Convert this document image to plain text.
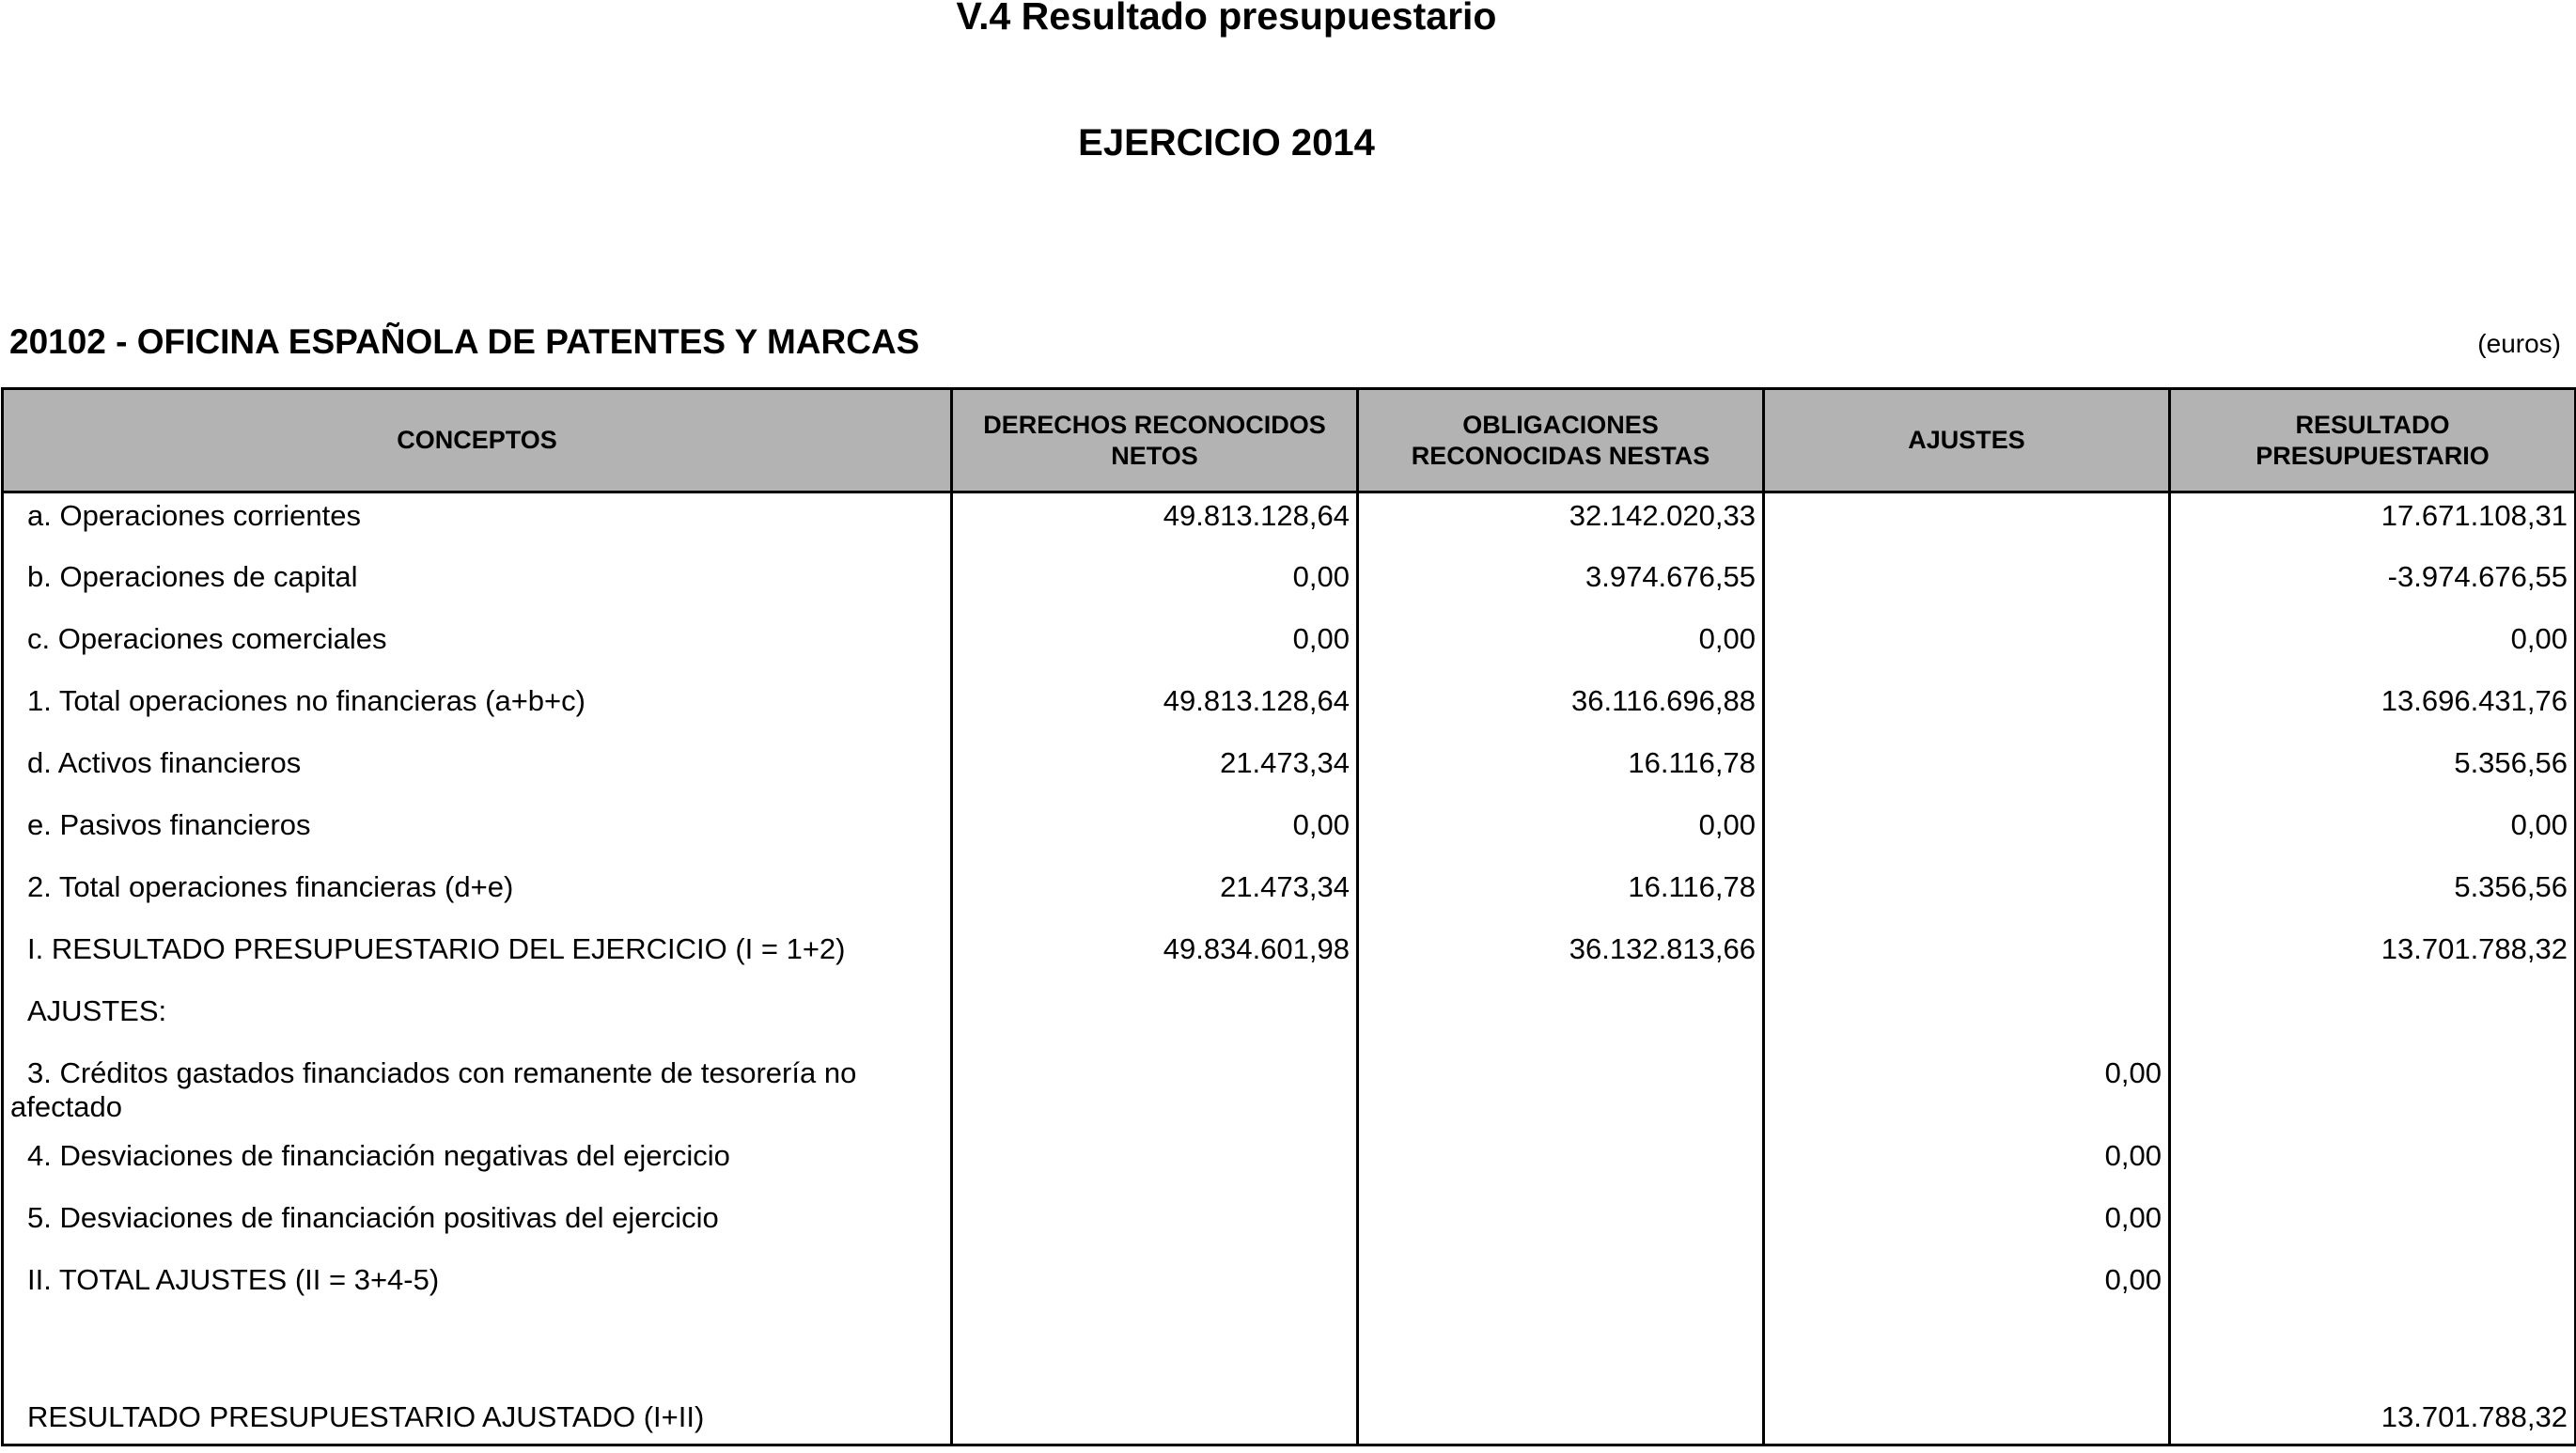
V.4 Resultado presupuestario
EJERCICIO 2014
20102 - OFICINA ESPAÑOLA DE PATENTES Y MARCAS	(euros)
CONCEPTOS	DERECHOS RECONOCIDOS NETOS	OBLIGACIONES RECONOCIDAS NESTAS	AJUSTES	RESULTADO PRESUPUESTARIO

a. Operaciones corrientes	49.813.128,64	32.142.020,33		17.671.108,31

b. Operaciones de capital	0,00	3.974.676,55		-3.974.676,55

c. Operaciones comerciales	0,00	0,00		0,00

1. Total operaciones no financieras (a+b+c)	49.813.128,64	36.116.696,88		13.696.431,76

d. Activos financieros	21.473,34	16.116,78		5.356,56

e. Pasivos financieros	0,00	0,00		0,00

2. Total operaciones financieras (d+e)	21.473,34	16.116,78		5.356,56

I. RESULTADO PRESUPUESTARIO DEL EJERCICIO (I = 1+2)	49.834.601,98	36.132.813,66		13.701.788,32

AJUSTES:				

3. Créditos gastados financiados con remanente de tesorería no
afectado			0,00	

4. Desviaciones de financiación negativas del ejercicio			0,00	

5. Desviaciones de financiación positivas del ejercicio			0,00	

II. TOTAL AJUSTES (II = 3+4-5)			0,00	

RESULTADO PRESUPUESTARIO AJUSTADO (I+II)				13.701.788,32
